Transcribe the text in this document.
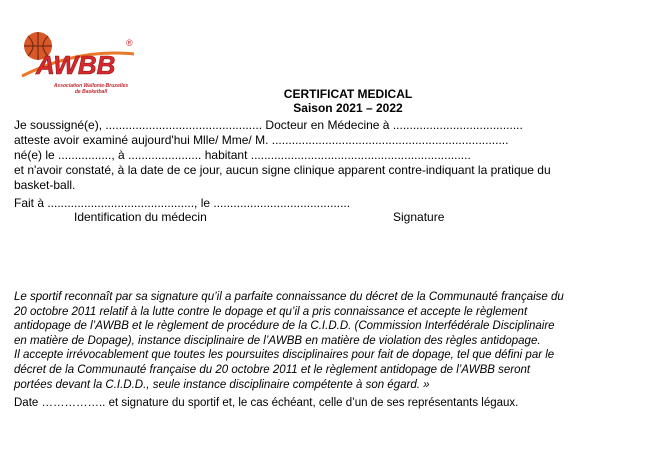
AWBB
®
Association Wallonie-Bruxelles
de Basketball	CERTIFICAT MEDICAL
Saison 2021 – 2022
Je soussigné(e), ............................................... Docteur en Médecine à .......................................
atteste avoir examiné aujourd'hui Mlle/ Mme/ M. .......................................................................
né(e) le ................, à ...................... habitant ..................................................................
et n'avoir constaté, à la date de ce jour, aucun signe clinique apparent contre-indiquant la pratique du
basket-ball.
Fait à ............................................, le .........................................
Identification du médecin	Signature
Le sportif reconnaît par sa signature qu’il a parfaite connaissance du décret de la Communauté française du
20 octobre 2011 relatif à la lutte contre le dopage et qu’il a pris connaissance et accepte le règlement
antidopage de l’AWBB et le règlement de procédure de la C.I.D.D. (Commission Interfédérale Disciplinaire
en matière de Dopage), instance disciplinaire de l’AWBB en matière de violation des règles antidopage.
Il accepte irrévocablement que toutes les poursuites disciplinaires pour fait de dopage, tel que défini par le
décret de la Communauté française du 20 octobre 2011 et le règlement antidopage de l’AWBB seront
portées devant la C.I.D.D., seule instance disciplinaire compétente à son égard. »
Date …………….. et signature du sportif et, le cas échéant, celle d’un de ses représentants légaux.
